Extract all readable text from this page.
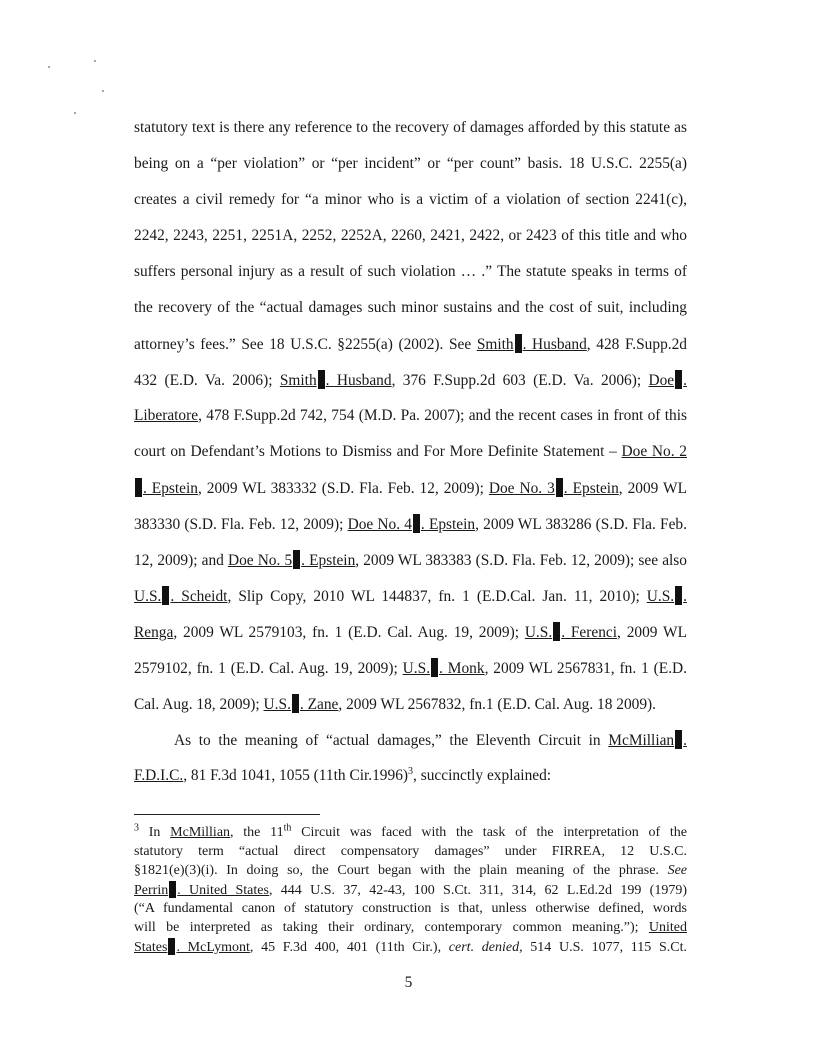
statutory text is there any reference to the recovery of damages afforded by this statute as
being on a “per violation” or “per incident” or “per count” basis. 18 U.S.C. 2255(a)
creates a civil remedy for “a minor who is a victim of a violation of section 2241(c),
2242, 2243, 2251, 2251A, 2252, 2252A, 2260, 2421, 2422, or 2423 of this title and who
suffers personal injury as a result of such violation … .” The statute speaks in terms of
the recovery of the “actual damages such minor sustains and the cost of suit, including
attorney’s fees.” See 18 U.S.C. §2255(a) (2002). See Smith . Husband, 428 F.Supp.2d
432 (E.D. Va. 2006); Smith . Husband, 376 F.Supp.2d 603 (E.D. Va. 2006); Doe .
Liberatore, 478 F.Supp.2d 742, 754 (M.D. Pa. 2007); and the recent cases in front of this
court on Defendant’s Motions to Dismiss and For More Definite Statement – Doe No. 2
. Epstein, 2009 WL 383332 (S.D. Fla. Feb. 12, 2009); Doe No. 3 . Epstein, 2009 WL
383330 (S.D. Fla. Feb. 12, 2009); Doe No. 4 . Epstein, 2009 WL 383286 (S.D. Fla. Feb.
12, 2009); and Doe No. 5 . Epstein, 2009 WL 383383 (S.D. Fla. Feb. 12, 2009); see also
U.S. . Scheidt, Slip Copy, 2010 WL 144837, fn. 1 (E.D.Cal. Jan. 11, 2010); U.S. .
Renga, 2009 WL 2579103, fn. 1 (E.D. Cal. Aug. 19, 2009); U.S. . Ferenci, 2009 WL
2579102, fn. 1 (E.D. Cal. Aug. 19, 2009); U.S. . Monk, 2009 WL 2567831, fn. 1 (E.D.
Cal. Aug. 18, 2009); U.S. . Zane, 2009 WL 2567832, fn.1 (E.D. Cal. Aug. 18 2009).
As to the meaning of “actual damages,” the Eleventh Circuit in McMillian .
F.D.I.C., 81 F.3d 1041, 1055 (11th Cir.1996)$^3$, succinctly explained:
$^3$ In McMillian, the 11th Circuit was faced with the task of the interpretation of the
statutory term “actual direct compensatory damages” under FIRREA, 12 U.S.C.
§1821(e)(3)(i). In doing so, the Court began with the plain meaning of the phrase. See
Perrin . United States, 444 U.S. 37, 42-43, 100 S.Ct. 311, 314, 62 L.Ed.2d 199 (1979)
(“A fundamental canon of statutory construction is that, unless otherwise defined, words
will be interpreted as taking their ordinary, contemporary common meaning.”); United
States . McLymont, 45 F.3d 400, 401 (11th Cir.), cert. denied, 514 U.S. 1077, 115 S.Ct.
5
